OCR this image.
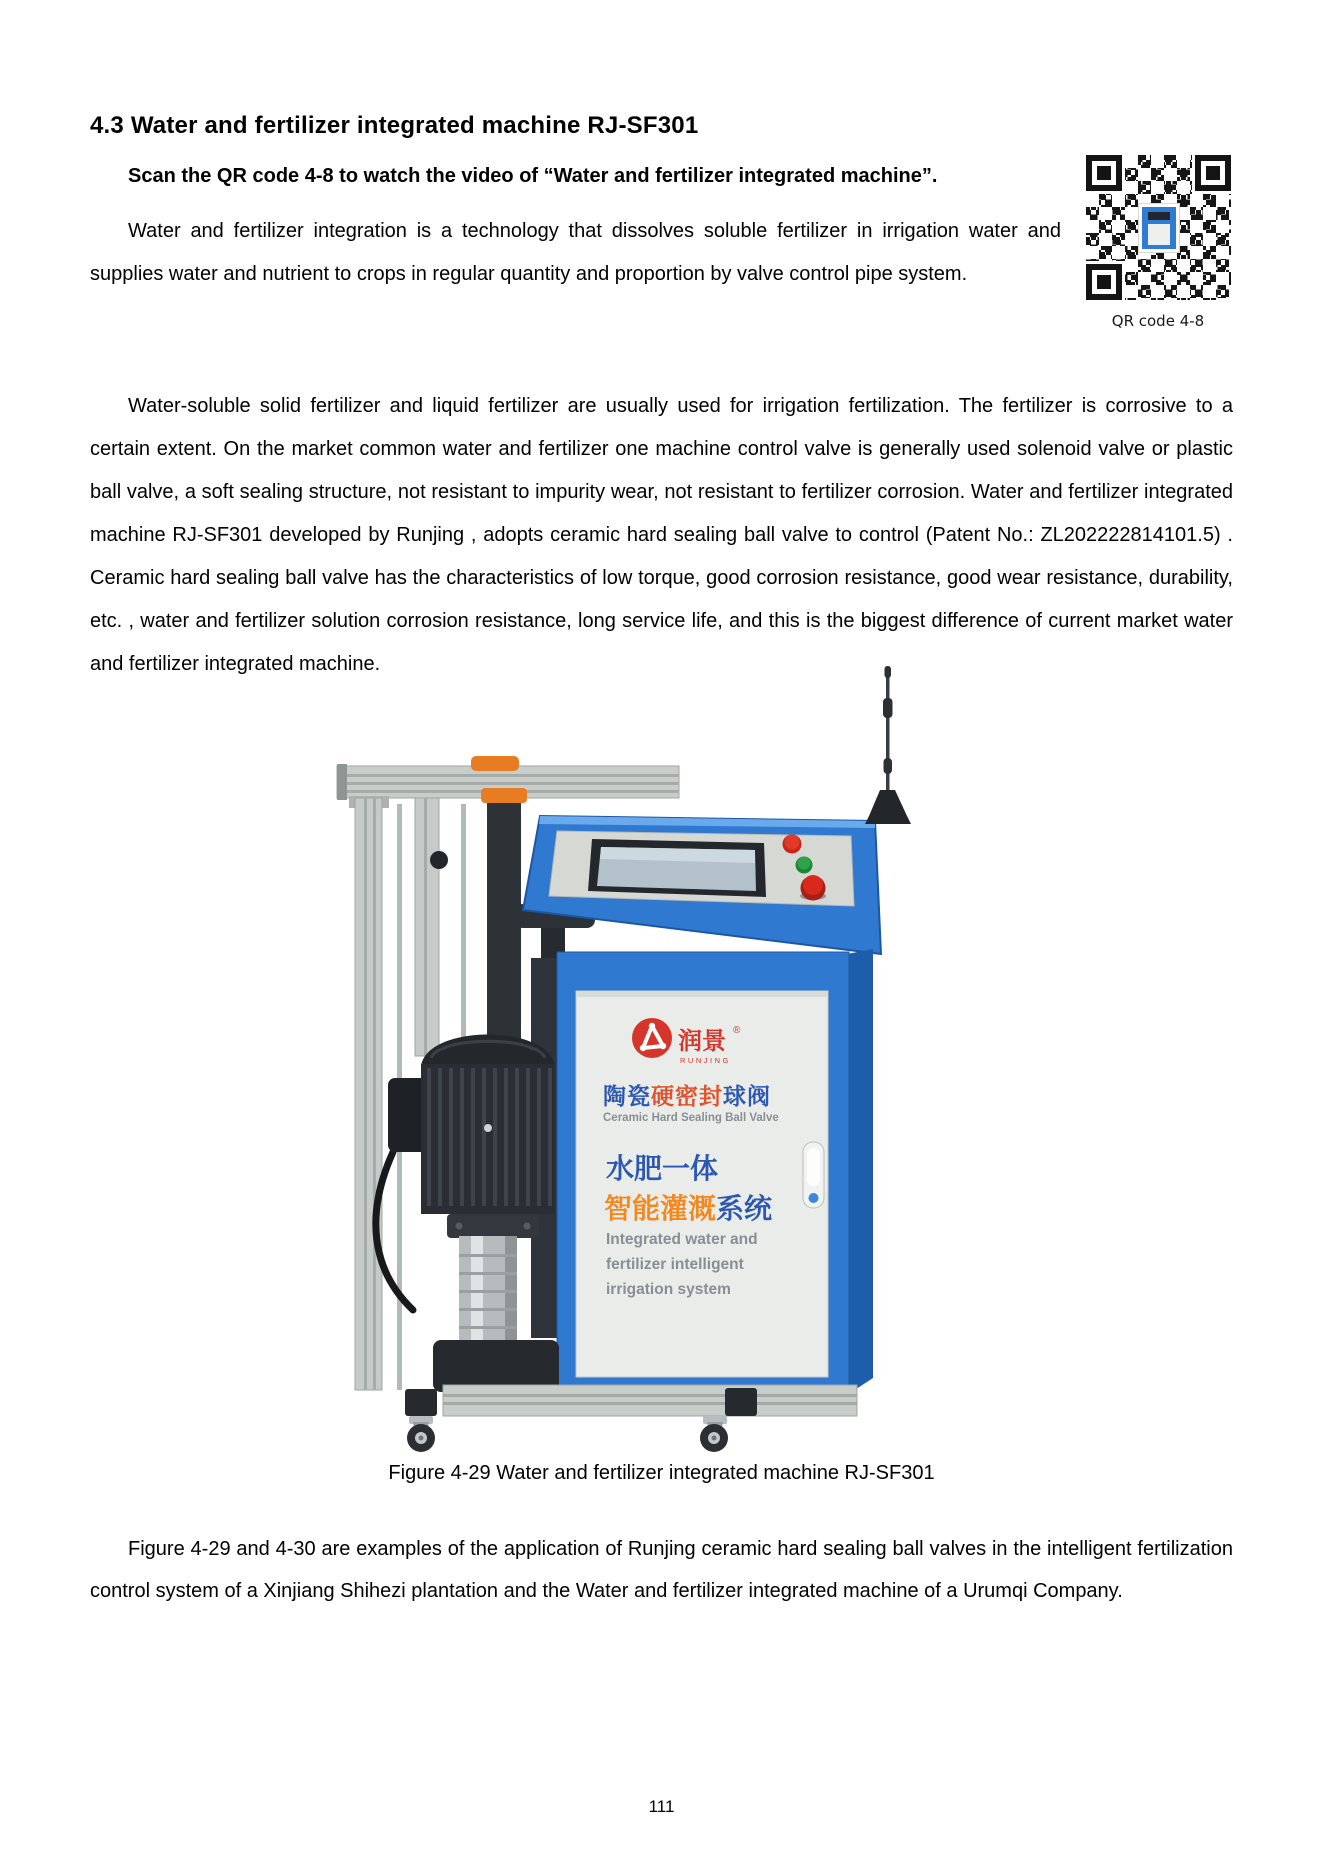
4.3 Water and fertilizer integrated machine RJ-SF301
QR code 4-8

Scan the QR code 4-8 to watch the video of “Water and fertilizer integrated machine”.

Water and fertilizer integration is a technology that dissolves soluble fertilizer in irrigation water and supplies water and nutrient to crops in regular quantity and proportion by valve control pipe system.

Water-soluble solid fertilizer and liquid fertilizer are usually used for irrigation fertilization. The fertilizer is corrosive to a certain extent. On the market common water and fertilizer one machine control valve is generally used solenoid valve or plastic ball valve, a soft sealing structure, not resistant to impurity wear, not resistant to fertilizer corrosion. Water and fertilizer integrated machine RJ-SF301 developed by Runjing , adopts ceramic hard sealing ball valve to control (Patent No.: ZL202222814101.5) . Ceramic hard sealing ball valve has the characteristics of low torque, good corrosion resistance, good wear resistance, durability, etc. , water and fertilizer solution corrosion resistance, long service life, and this is the biggest difference of current market water and fertilizer integrated machine.

润景 ®
RUNJING
陶瓷硬密封球阀
Ceramic Hard Sealing Ball Valve
水肥一体
智能灌溉系统
Integrated water and
fertilizer intelligent
irrigation system
Figure 4-29 Water and fertilizer integrated machine RJ-SF301

Figure 4-29 and 4-30 are examples of the application of Runjing ceramic hard sealing ball valves in the intelligent fertilization control system of a Xinjiang Shihezi plantation and the Water and fertilizer integrated machine of a Urumqi Company.

111
